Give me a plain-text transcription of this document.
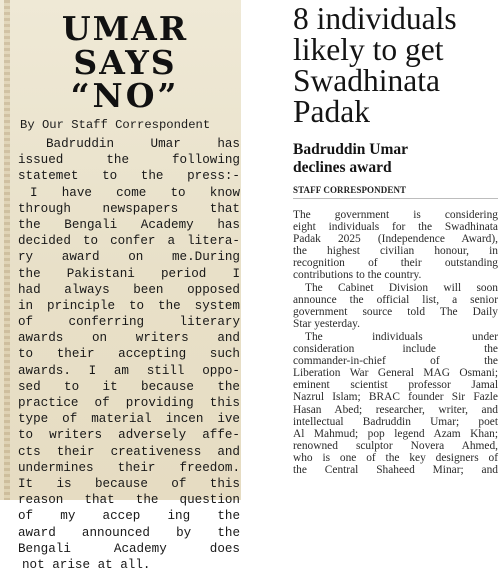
UMAR
SAYS
“NO”
By Our Staff Correspondent
Badruddin Umar has
issued the following
statemet to the press:-
I have come to know
through newspapers that
the Bengali Academy has
decided to confer a litera-
ry award on me.During
the Pakistani period I
had always been opposed
in principle to the system
of conferring literary
awards on writers and
to their accepting such
awards. I am still oppo-
sed to it because the
practice of providing this
type of material incen ive
to writers adversely affe-
cts their creativeness and
undermines their freedom.
It is because of this
reason that the question
of my accep ing the
award announced by the
Bengali Academy does
not arise at all.
8 individuals
likely to get
Swadhinata
Padak
Badruddin Umar
declines award
STAFF CORRESPONDENT
The government is considering
eight individuals for the Swadhinata
Padak 2025 (Independence Award),
the highest civilian honour, in
recognition of their outstanding
contributions to the country.
The Cabinet Division will soon
announce the official list, a senior
government source told The Daily
Star yesterday.
The individuals under
consideration include the
commander-in-chief of the
Liberation War General MAG Osmani;
eminent scientist professor Jamal
Nazrul Islam; BRAC founder Sir Fazle
Hasan Abed; researcher, writer, and
intellectual Badruddin Umar; poet
Al Mahmud; pop legend Azam Khan;
renowned sculptor Novera Ahmed,
who is one of the key designers of
the Central Shaheed Minar; and
